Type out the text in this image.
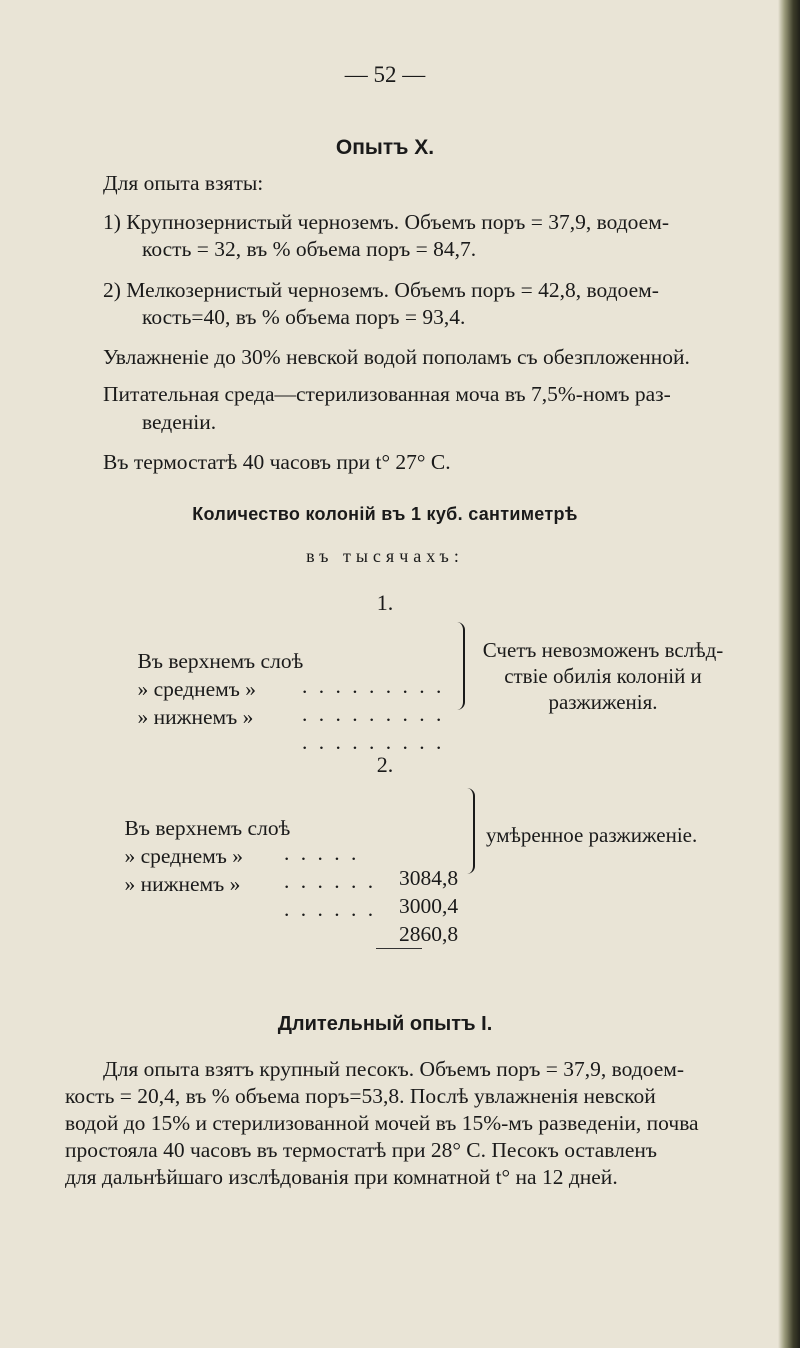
— 52 —
Опытъ X.
Для опыта взяты:
1) Крупнозернистый черноземъ. Объемъ поръ = 37,9, водоем-
кость = 32, въ % объема поръ = 84,7.
2) Мелкозернистый черноземъ. Объемъ поръ = 42,8, водоем-
кость=40, въ % объема поръ = 93,4.
Увлажненіе до 30% невской водой пополамъ съ обезпложенной.
Питательная среда—стерилизованная моча въ 7,5%-номъ раз-
веденіи.
Въ термостатѣ 40 часовъ при t° 27° С.
Количество колоній въ 1 куб. сантиметрѣ
въ тысячахъ:
1.

Въ верхнемъ слоѣ

. . . . . . . . .

» среднемъ »

. . . . . . . . .

» нижнемъ »

. . . . . . . . .

Счетъ невозможенъ вслѣд-
ствіе обилія колоній и
разжиженія.
2.

Въ верхнемъ слоѣ

. . . . .

3084,8

» среднемъ »

. . . . . .

3000,4

» нижнемъ »

. . . . . .

2860,8

умѣренное разжиженіе.
Длительный опытъ I.
Для опыта взятъ крупный песокъ. Объемъ поръ = 37,9, водоем-
кость = 20,4, въ % объема поръ=53,8. Послѣ увлажненія невской
водой до 15% и стерилизованной мочей въ 15%-мъ разведеніи, почва
простояла 40 часовъ въ термостатѣ при 28° С. Песокъ оставленъ
для дальнѣйшаго изслѣдованія при комнатной t° на 12 дней.
